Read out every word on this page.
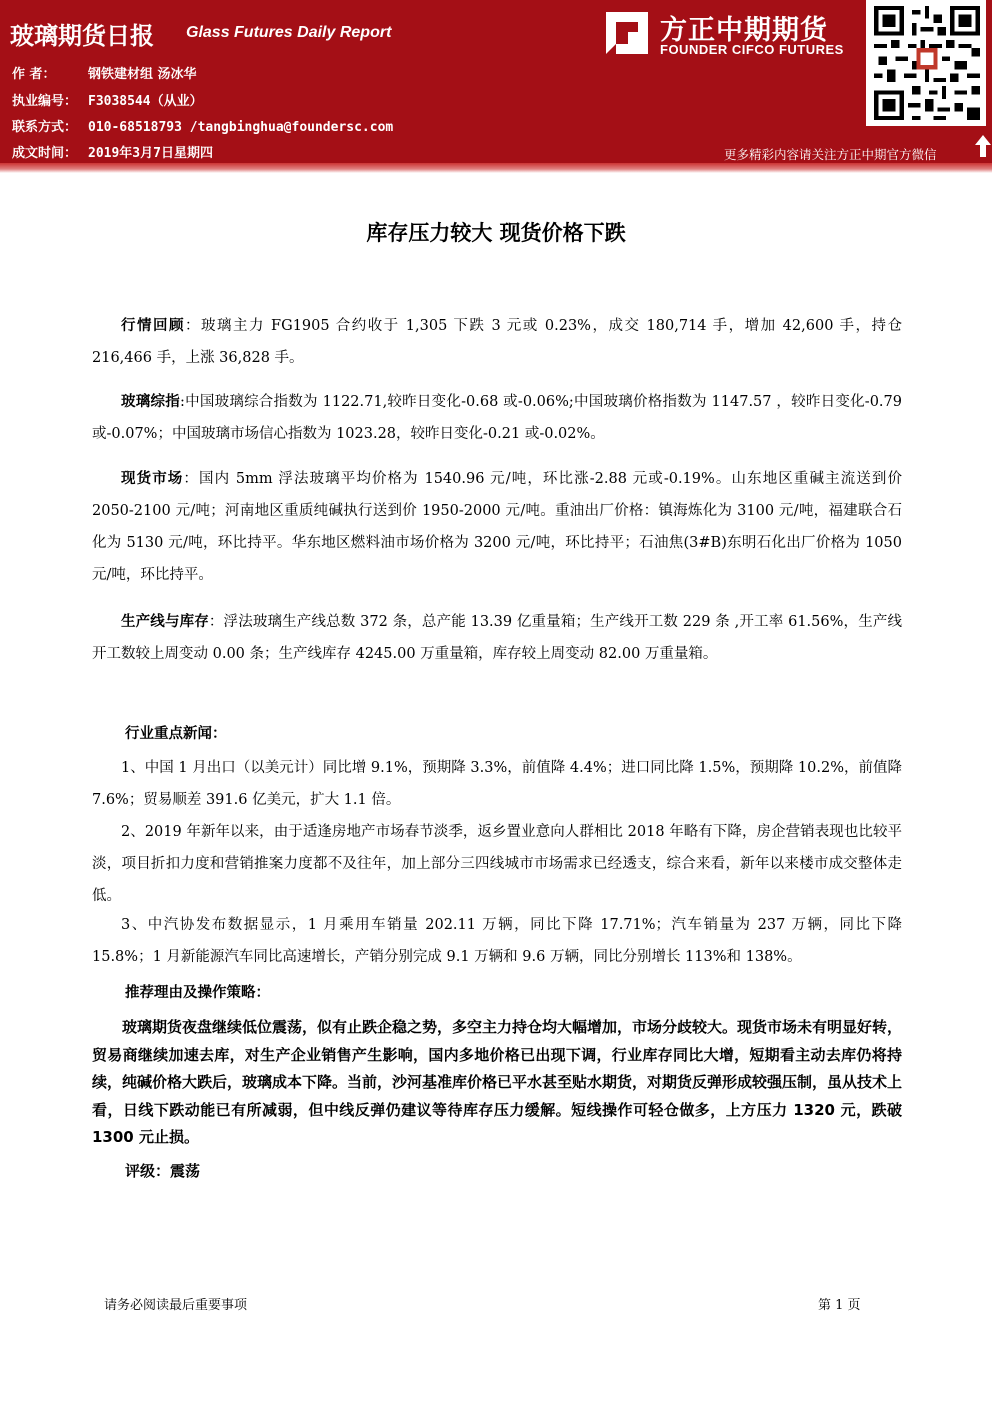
玻璃期货日报 Glass Futures Daily Report
作 者： 钢铁建材组 汤冰华
执业编号： F3038544（从业）
联系方式： 010-68518793 /tangbinghua@foundersc.com
成文时间： 2019年3月7日星期四
方正中期期货
FOUNDER CIFCO FUTURES
更多精彩内容请关注方正中期官方微信
库存压力较大 现货价格下跌
行情回顾：玻璃主力 FG1905 合约收于 1,305 下跌 3 元或 0.23%，成交 180,714 手，增加 42,600 手，持仓 216,466 手，上涨 36,828 手。
玻璃综指:中国玻璃综合指数为 1122.71,较昨日变化-0.68 或-0.06%;中国玻璃价格指数为 1147.57 ，较昨日变化-0.79 或-0.07%；中国玻璃市场信心指数为 1023.28，较昨日变化-0.21 或-0.02%。
现货市场：国内 5mm 浮法玻璃平均价格为 1540.96 元/吨，环比涨-2.88 元或-0.19%。山东地区重碱主流送到价 2050-2100 元/吨；河南地区重质纯碱执行送到价 1950-2000 元/吨。重油出厂价格：镇海炼化为 3100 元/吨，福建联合石化为 5130 元/吨，环比持平。华东地区燃料油市场价格为 3200 元/吨，环比持平；石油焦(3#B)东明石化出厂价格为 1050 元/吨，环比持平。
生产线与库存：浮法玻璃生产线总数 372 条，总产能 13.39 亿重量箱；生产线开工数 229 条 ,开工率 61.56%，生产线开工数较上周变动 0.00 条；生产线库存 4245.00 万重量箱，库存较上周变动 82.00 万重量箱。
行业重点新闻：
1、中国 1 月出口（以美元计）同比增 9.1%，预期降 3.3%，前值降 4.4%；进口同比降 1.5%，预期降 10.2%，前值降 7.6%；贸易顺差 391.6 亿美元，扩大 1.1 倍。
2、2019 年新年以来，由于适逢房地产市场春节淡季，返乡置业意向人群相比 2018 年略有下降，房企营销表现也比较平淡，项目折扣力度和营销推案力度都不及往年，加上部分三四线城市市场需求已经透支，综合来看，新年以来楼市成交整体走低。
3、中汽协发布数据显示，1 月乘用车销量 202.11 万辆，同比下降 17.71%；汽车销量为 237 万辆，同比下降 15.8%；1 月新能源汽车同比高速增长，产销分别完成 9.1 万辆和 9.6 万辆，同比分别增长 113%和 138%。
推荐理由及操作策略：
玻璃期货夜盘继续低位震荡，似有止跌企稳之势，多空主力持仓均大幅增加，市场分歧较大。现货市场未有明显好转，贸易商继续加速去库，对生产企业销售产生影响，国内多地价格已出现下调，行业库存同比大增，短期看主动去库仍将持续，纯碱价格大跌后，玻璃成本下降。当前，沙河基准库价格已平水甚至贴水期货，对期货反弹形成较强压制，虽从技术上看，日线下跌动能已有所减弱，但中线反弹仍建议等待库存压力缓解。短线操作可轻仓做多，上方压力 1320 元，跌破 1300 元止损。
评级：震荡
请务必阅读最后重要事项	第 1 页
